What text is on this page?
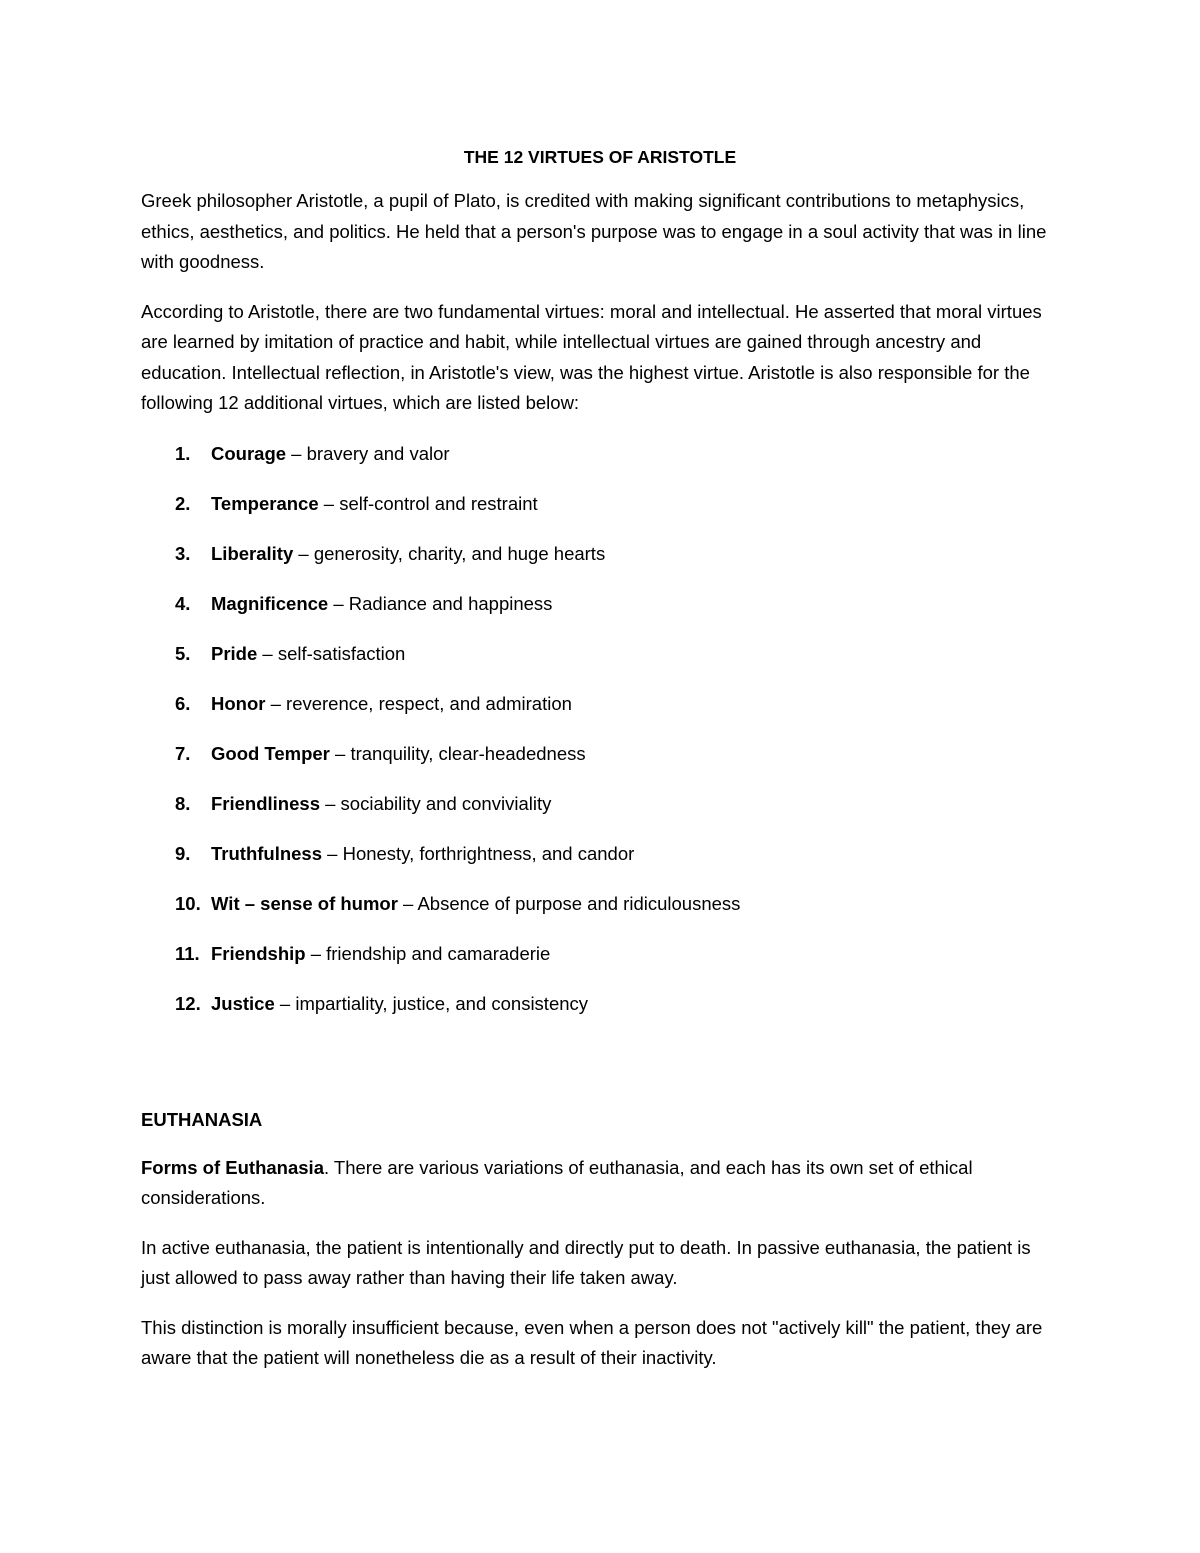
THE 12 VIRTUES OF ARISTOTLE

Greek philosopher Aristotle, a pupil of Plato, is credited with making significant contributions to metaphysics, ethics, aesthetics, and politics. He held that a person's purpose was to engage in a soul activity that was in line with goodness.

According to Aristotle, there are two fundamental virtues: moral and intellectual. He asserted that moral virtues are learned by imitation of practice and habit, while intellectual virtues are gained through ancestry and education. Intellectual reflection, in Aristotle's view, was the highest virtue. Aristotle is also responsible for the following 12 additional virtues, which are listed below:

1. Courage – bravery and valor
2. Temperance – self-control and restraint
3. Liberality – generosity, charity, and huge hearts
4. Magnificence – Radiance and happiness
5. Pride – self-satisfaction
6. Honor – reverence, respect, and admiration
7. Good Temper – tranquility, clear-headedness
8. Friendliness – sociability and conviviality
9. Truthfulness – Honesty, forthrightness, and candor
10. Wit – sense of humor – Absence of purpose and ridiculousness
11. Friendship – friendship and camaraderie
12. Justice – impartiality, justice, and consistency
EUTHANASIA

Forms of Euthanasia. There are various variations of euthanasia, and each has its own set of ethical considerations.

In active euthanasia, the patient is intentionally and directly put to death. In passive euthanasia, the patient is just allowed to pass away rather than having their life taken away.

This distinction is morally insufficient because, even when a person does not "actively kill" the patient, they are aware that the patient will nonetheless die as a result of their inactivity.
